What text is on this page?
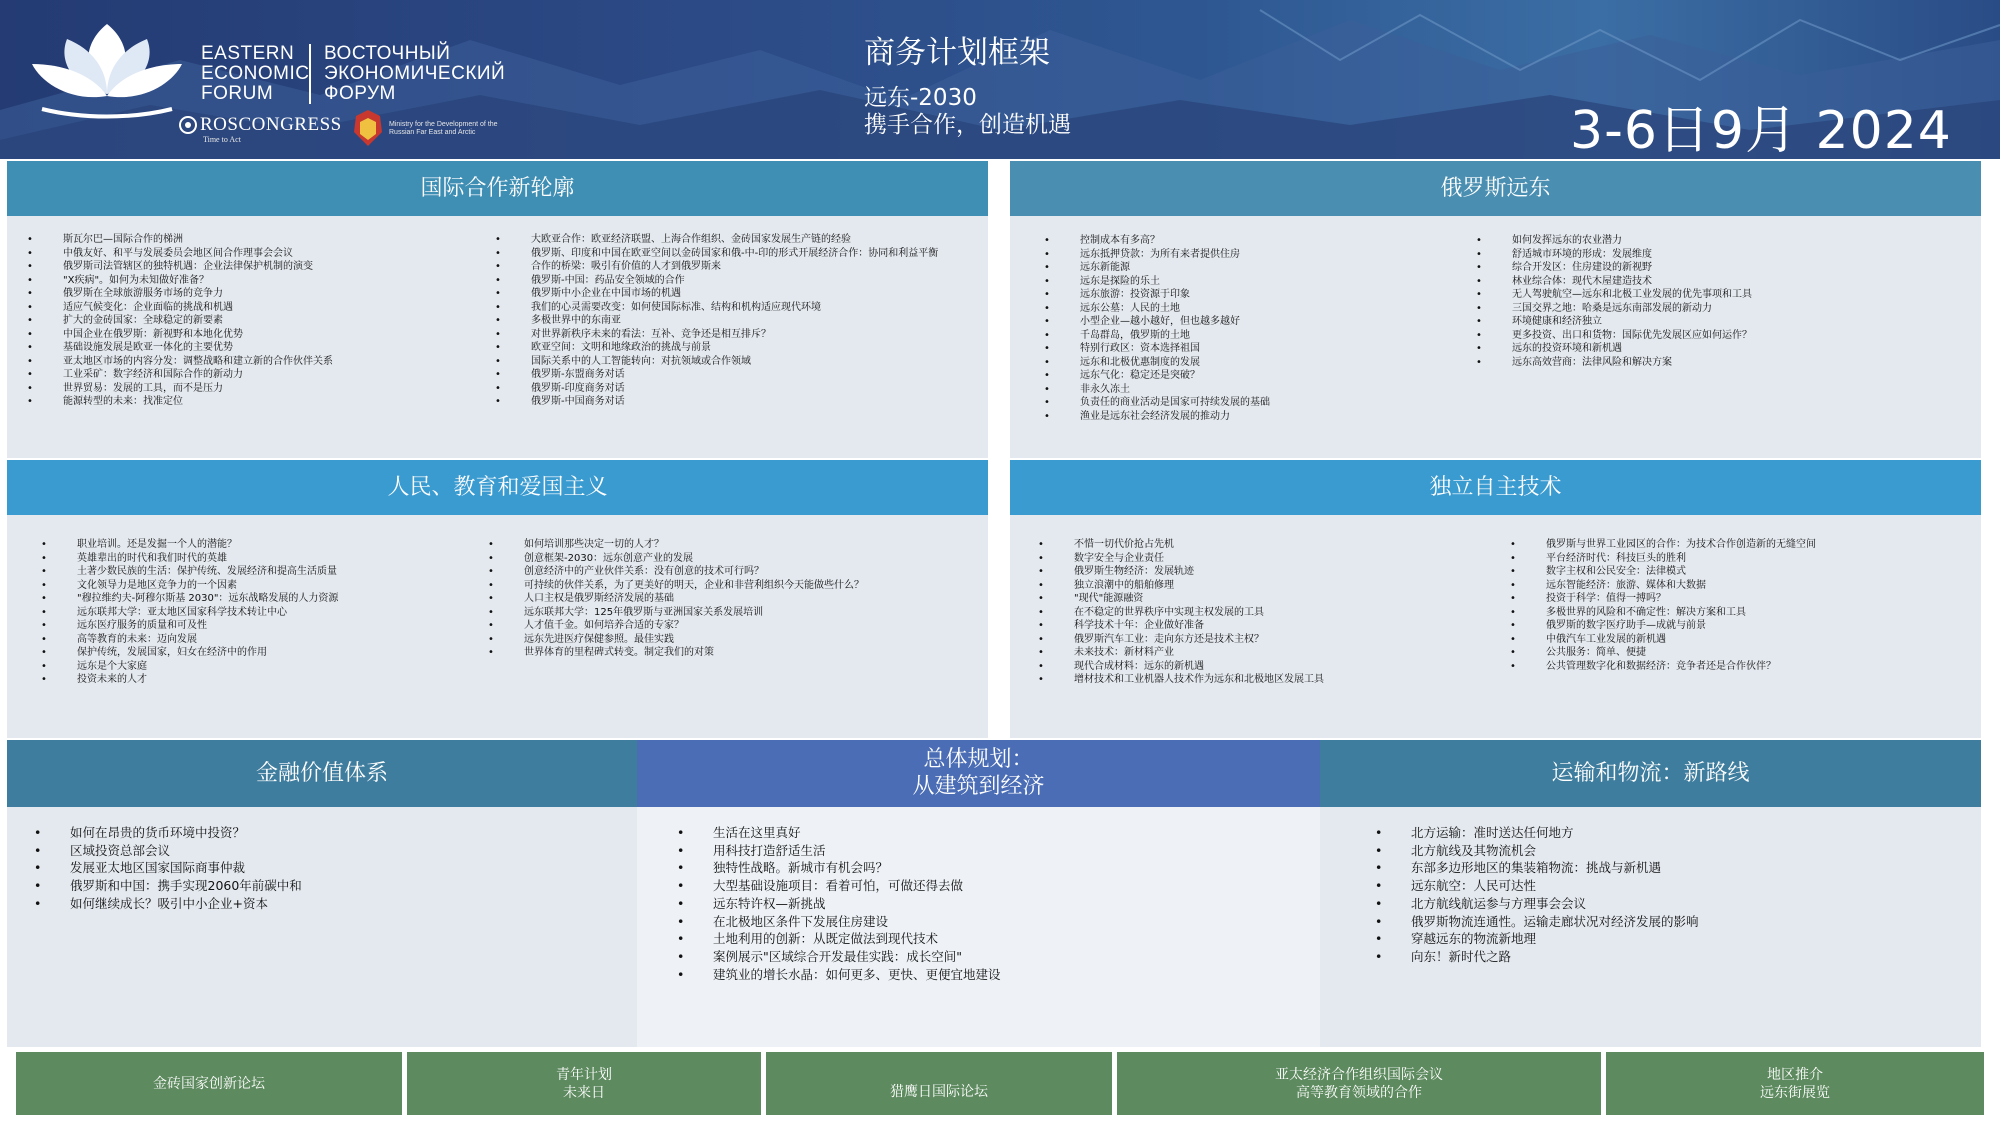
EASTERN
ECONOMIC
FORUM
ВОСТОЧНЫЙ
ЭКОНОМИЧЕСКИЙ
ФОРУМ
ROSCONGRESS
Time to Act
Ministry for the Development of the Russian Far East and Arctic
商务计划框架
远东-2030
携手合作，创造机遇	3-6日9月 2024
国际合作新轮廓
• 斯瓦尔巴—国际合作的梯洲
• 中俄友好、和平与发展委员会地区间合作理事会会议
• 俄罗斯司法管辖区的独特机遇：企业法律保护机制的演变
• "X疾病"。如何为未知做好准备？
• 俄罗斯在全球旅游服务市场的竞争力
• 适应气候变化：企业面临的挑战和机遇
• 扩大的金砖国家：全球稳定的新要素
• 中国企业在俄罗斯：新视野和本地化优势
• 基础设施发展是欧亚一体化的主要优势
• 亚太地区市场的内容分发：调整战略和建立新的合作伙伴关系
• 工业采矿：数字经济和国际合作的新动力
• 世界贸易：发展的工具，而不是压力
• 能源转型的未来：找准定位
• 大欧亚合作：欧亚经济联盟、上海合作组织、金砖国家发展生产链的经验
• 俄罗斯、印度和中国在欧亚空间以金砖国家和俄-中-印的形式开展经济合作：协同和利益平衡
• 合作的桥梁：吸引有价值的人才到俄罗斯来
• 俄罗斯-中国：药品安全领域的合作
• 俄罗斯中小企业在中国市场的机遇
• 我们的心灵需要改变：如何使国际标准、结构和机构适应现代环境
• 多极世界中的东南亚
• 对世界新秩序未来的看法：互补、竞争还是相互排斥？
• 欧亚空间：文明和地缘政治的挑战与前景
• 国际关系中的人工智能转向：对抗领域或合作领域
• 俄罗斯-东盟商务对话
• 俄罗斯-印度商务对话
• 俄罗斯-中国商务对话
俄罗斯远东
• 控制成本有多高？
• 远东抵押贷款：为所有来者提供住房
• 远东新能源
• 远东是探险的乐土
• 远东旅游：投资源于印象
• 远东公墓：人民的土地
• 小型企业—越小越好，但也越多越好
• 千岛群岛，俄罗斯的土地
• 特别行政区：资本选择祖国
• 远东和北极优惠制度的发展
• 远东气化：稳定还是突破？
• 非永久冻土
• 负责任的商业活动是国家可持续发展的基础
• 渔业是远东社会经济发展的推动力
• 如何发挥远东的农业潜力
• 舒适城市环境的形成：发展维度
• 综合开发区：住房建设的新视野
• 林业综合体：现代木屋建造技术
• 无人驾驶航空—远东和北极工业发展的优先事项和工具
• 三国交界之地：哈桑是远东南部发展的新动力
• 环境健康和经济独立
• 更多投资、出口和货物：国际优先发展区应如何运作？
• 远东的投资环境和新机遇
• 远东高效营商：法律风险和解决方案
人民、教育和爱国主义
• 职业培训。还是发掘一个人的潜能？
• 英雄辈出的时代和我们时代的英雄
• 土著少数民族的生活：保护传统、发展经济和提高生活质量
• 文化领导力是地区竞争力的一个因素
• "穆拉维约夫-阿穆尔斯基 2030"：远东战略发展的人力资源
• 远东联邦大学：亚太地区国家科学技术转让中心
• 远东医疗服务的质量和可及性
• 高等教育的未来：迈向发展
• 保护传统，发展国家，妇女在经济中的作用
• 远东是个大家庭
• 投资未来的人才
• 如何培训那些决定一切的人才？
• 创意框架-2030：远东创意产业的发展
• 创意经济中的产业伙伴关系：没有创意的技术可行吗？
• 可持续的伙伴关系，为了更美好的明天，企业和非营利组织今天能做些什么？
• 人口主权是俄罗斯经济发展的基础
• 远东联邦大学：125年俄罗斯与亚洲国家关系发展培训
• 人才值千金。如何培养合适的专家？
• 远东先进医疗保健参照。最佳实践
• 世界体育的里程碑式转变。制定我们的对策
独立自主技术
• 不惜一切代价抢占先机
• 数字安全与企业责任
• 俄罗斯生物经济：发展轨迹
• 独立浪潮中的船舶修理
• "现代"能源融资
• 在不稳定的世界秩序中实现主权发展的工具
• 科学技术十年：企业做好准备
• 俄罗斯汽车工业：走向东方还是技术主权？
• 未来技术：新材料产业
• 现代合成材料：远东的新机遇
• 增材技术和工业机器人技术作为远东和北极地区发展工具
• 俄罗斯与世界工业园区的合作：为技术合作创造新的无缝空间
• 平台经济时代：科技巨头的胜利
• 数字主权和公民安全：法律模式
• 远东智能经济：旅游、媒体和大数据
• 投资于科学：值得一搏吗？
• 多极世界的风险和不确定性：解决方案和工具
• 俄罗斯的数字医疗助手—成就与前景
• 中俄汽车工业发展的新机遇
• 公共服务：简单、便捷
• 公共管理数字化和数据经济：竞争者还是合作伙伴？
金融价值体系
• 如何在昂贵的货币环境中投资？
• 区域投资总部会议
• 发展亚太地区国家国际商事仲裁
• 俄罗斯和中国：携手实现2060年前碳中和
• 如何继续成长？吸引中小企业+资本
总体规划：
从建筑到经济
• 生活在这里真好
• 用科技打造舒适生活
• 独特性战略。新城市有机会吗？
• 大型基础设施项目：看着可怕，可做还得去做
• 远东特许权—新挑战
• 在北极地区条件下发展住房建设
• 土地利用的创新：从既定做法到现代技术
• 案例展示"区域综合开发最佳实践：成长空间"
• 建筑业的增长水晶：如何更多、更快、更便宜地建设
运输和物流：新路线
• 北方运输：准时送达任何地方
• 北方航线及其物流机会
• 东部多边形地区的集装箱物流：挑战与新机遇
• 远东航空：人民可达性
• 北方航线航运参与方理事会会议
• 俄罗斯物流连通性。运输走廊状况对经济发展的影响
• 穿越远东的物流新地理
• 向东！新时代之路
金砖国家创新论坛
青年计划
未来日	猎鹰日国际论坛
亚太经济合作组织国际会议
高等教育领域的合作
地区推介
远东街展览
